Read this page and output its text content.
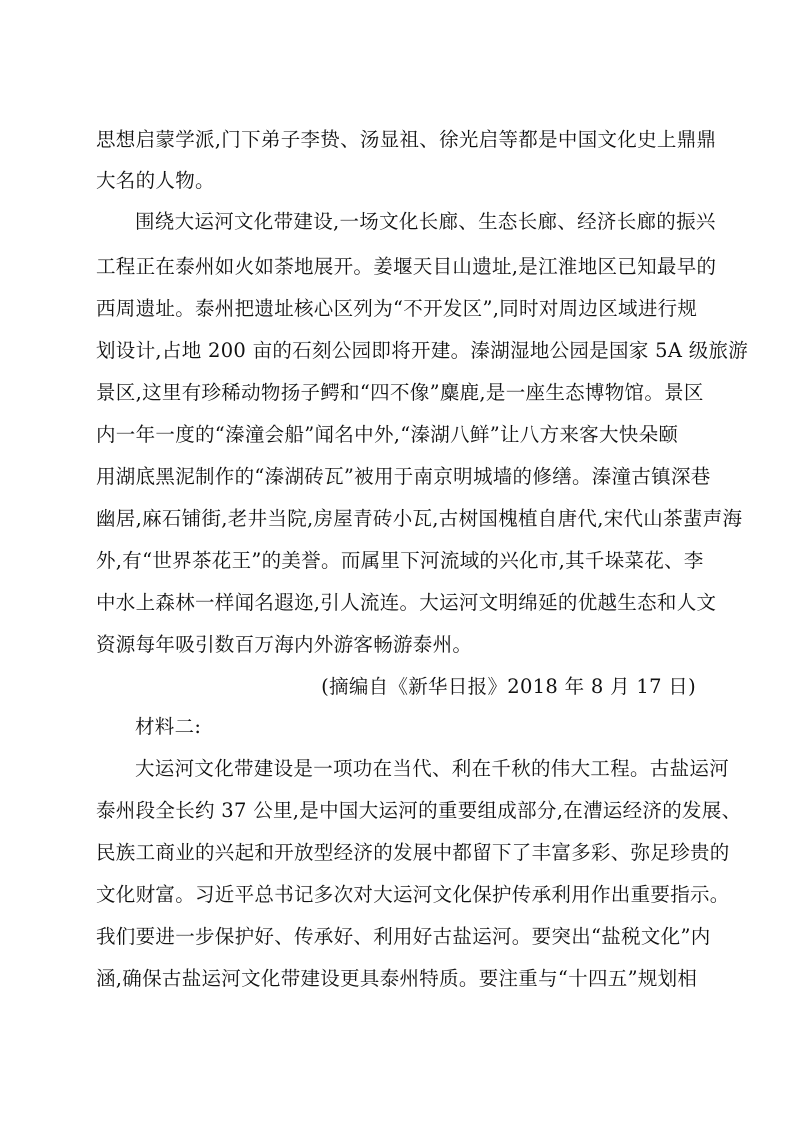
思想启蒙学派,门下弟子李贽、汤显祖、徐光启等都是中国文化史上鼎鼎
大名的人物。
围绕大运河文化带建设,一场文化长廊、生态长廊、经济长廊的振兴
工程正在泰州如火如荼地展开。姜堰天目山遗址,是江淮地区已知最早的
西周遗址。泰州把遗址核心区列为“不开发区”,同时对周边区域进行规
划设计,占地 200 亩的石刻公园即将开建。溱湖湿地公园是国家 5A 级旅游
景区,这里有珍稀动物扬子鳄和“四不像”麋鹿,是一座生态博物馆。景区
内一年一度的“溱潼会船”闻名中外,“溱湖八鲜”让八方来客大快朵颐
用湖底黑泥制作的“溱湖砖瓦”被用于南京明城墙的修缮。溱潼古镇深巷
幽居,麻石铺街,老井当院,房屋青砖小瓦,古树国槐植自唐代,宋代山茶蜚声海
外,有“世界茶花王”的美誉。而属里下河流域的兴化市,其千垛菜花、李
中水上森林一样闻名遐迩,引人流连。大运河文明绵延的优越生态和人文
资源每年吸引数百万海内外游客畅游泰州。
(摘编自《新华日报》2018 年 8 月 17 日)
材料二:
大运河文化带建设是一项功在当代、利在千秋的伟大工程。古盐运河
泰州段全长约 37 公里,是中国大运河的重要组成部分,在漕运经济的发展、
民族工商业的兴起和开放型经济的发展中都留下了丰富多彩、弥足珍贵的
文化财富。习近平总书记多次对大运河文化保护传承利用作出重要指示。
我们要进一步保护好、传承好、利用好古盐运河。要突出“盐税文化”内
涵,确保古盐运河文化带建设更具泰州特质。要注重与“十四五”规划相
